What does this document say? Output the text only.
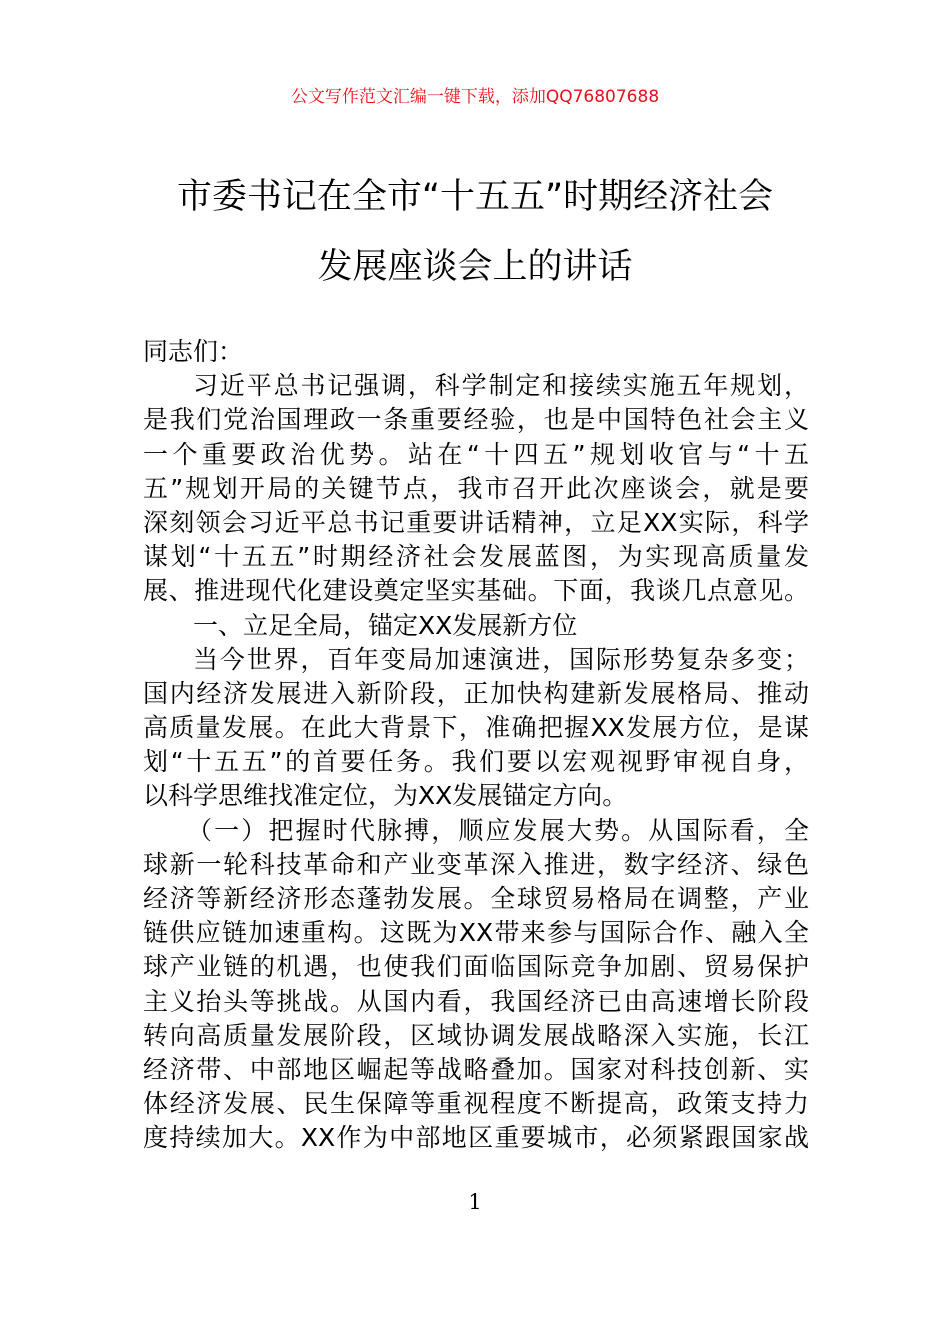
公文写作范文汇编一键下载，添加QQ76807688
市委书记在全市“十五五”时期经济社会
发展座谈会上的讲话
同志们：
习近平总书记强调，科学制定和接续实施五年规划，
是我们党治国理政一条重要经验，也是中国特色社会主义
一个重要政治优势。站在“十四五”规划收官与“十五
五”规划开局的关键节点，我市召开此次座谈会，就是要
深刻领会习近平总书记重要讲话精神，立足XX实际，科学
谋划“十五五”时期经济社会发展蓝图，为实现高质量发
展、推进现代化建设奠定坚实基础。下面，我谈几点意见。
一、立足全局，锚定XX发展新方位
当今世界，百年变局加速演进，国际形势复杂多变；
国内经济发展进入新阶段，正加快构建新发展格局、推动
高质量发展。在此大背景下，准确把握XX发展方位，是谋
划“十五五”的首要任务。我们要以宏观视野审视自身，
以科学思维找准定位，为XX发展锚定方向。
（一）把握时代脉搏，顺应发展大势。从国际看，全
球新一轮科技革命和产业变革深入推进，数字经济、绿色
经济等新经济形态蓬勃发展。全球贸易格局在调整，产业
链供应链加速重构。这既为XX带来参与国际合作、融入全
球产业链的机遇，也使我们面临国际竞争加剧、贸易保护
主义抬头等挑战。从国内看，我国经济已由高速增长阶段
转向高质量发展阶段，区域协调发展战略深入实施，长江
经济带、中部地区崛起等战略叠加。国家对科技创新、实
体经济发展、民生保障等重视程度不断提高，政策支持力
度持续加大。XX作为中部地区重要城市，必须紧跟国家战
1
